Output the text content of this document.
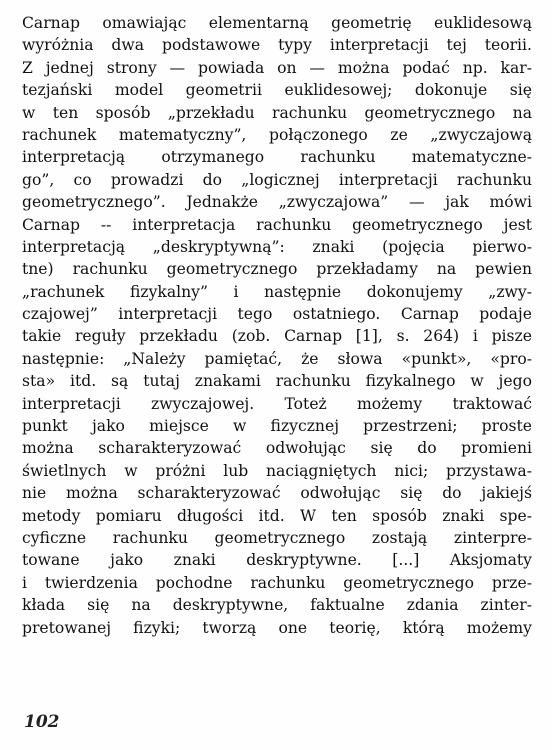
Carnap omawiając elementarną geometrię euklidesową
wyróżnia dwa podstawowe typy interpretacji tej teorii.
Z jednej strony — powiada on — można podać np. kar-
tezjański model geometrii euklidesowej; dokonuje się
w ten sposób „przekładu rachunku geometrycznego na
rachunek matematyczny”, połączonego ze „zwyczajową
interpretacją otrzymanego rachunku matematyczne-
go”, co prowadzi do „logicznej interpretacji rachunku
geometrycznego”. Jednakże „zwyczajowa” — jak mówi
Carnap -- interpretacja rachunku geometrycznego jest
interpretacją „deskryptywną”: znaki (pojęcia pierwo-
tne) rachunku geometrycznego przekładamy na pewien
„rachunek fizykalny” i następnie dokonujemy „zwy-
czajowej” interpretacji tego ostatniego. Carnap podaje
takie reguły przekładu (zob. Carnap [1], s. 264) i pisze
następnie: „Należy pamiętać, że słowa «punkt», «pro-
sta» itd. są tutaj znakami rachunku fizykalnego w jego
interpretacji zwyczajowej. Toteż możemy traktować
punkt jako miejsce w fizycznej przestrzeni; proste
można scharakteryzować odwołując się do promieni
świetlnych w próżni lub naciągniętych nici; przystawa-
nie można scharakteryzować odwołując się do jakiejś
metody pomiaru długości itd. W ten sposób znaki spe-
cyficzne rachunku geometrycznego zostają zinterpre-
towane jako znaki deskryptywne. [...] Aksjomaty
i twierdzenia pochodne rachunku geometrycznego prze-
kłada się na deskryptywne, faktualne zdania zinter-
pretowanej fizyki; tworzą one teorię, którą możemy
102
